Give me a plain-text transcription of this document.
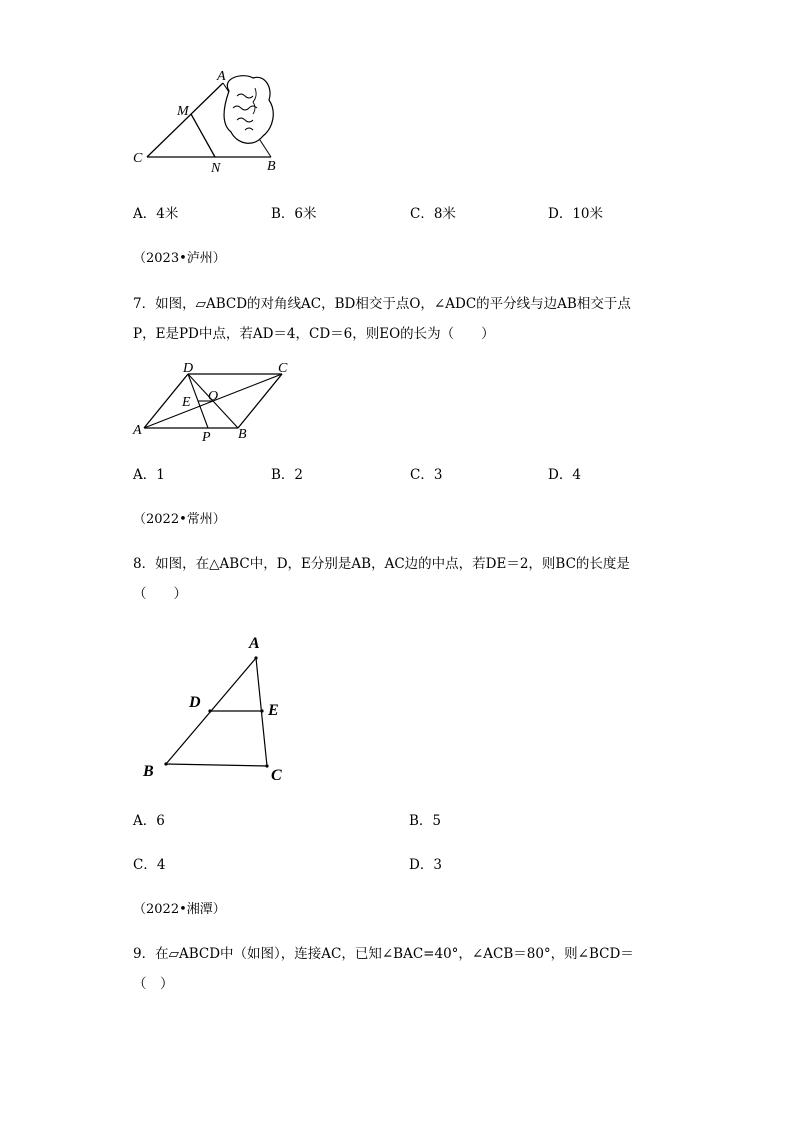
A
M
C
N	B
A．4米	B．6米	C．8米	D．10米
（2023•泸州）
7．如图，▱ABCD的对角线AC，BD相交于点O，∠ADC的平分线与边AB相交于点
P，E是PD中点，若AD＝4，CD＝6，则EO的长为（　　）
D	C
E O
A	P B
A．1	B．2	C．3	D．4
（2022•常州）
8．如图，在△ABC中，D，E分别是AB，AC边的中点，若DE＝2，则BC的长度是
（　　）
A
D	E
B	C
A．6	B．5
C．4	D．3
（2022•湘潭）
9．在▱ABCD中（如图），连接AC，已知∠BAC=40°，∠ACB＝80°，则∠BCD＝
（　）
